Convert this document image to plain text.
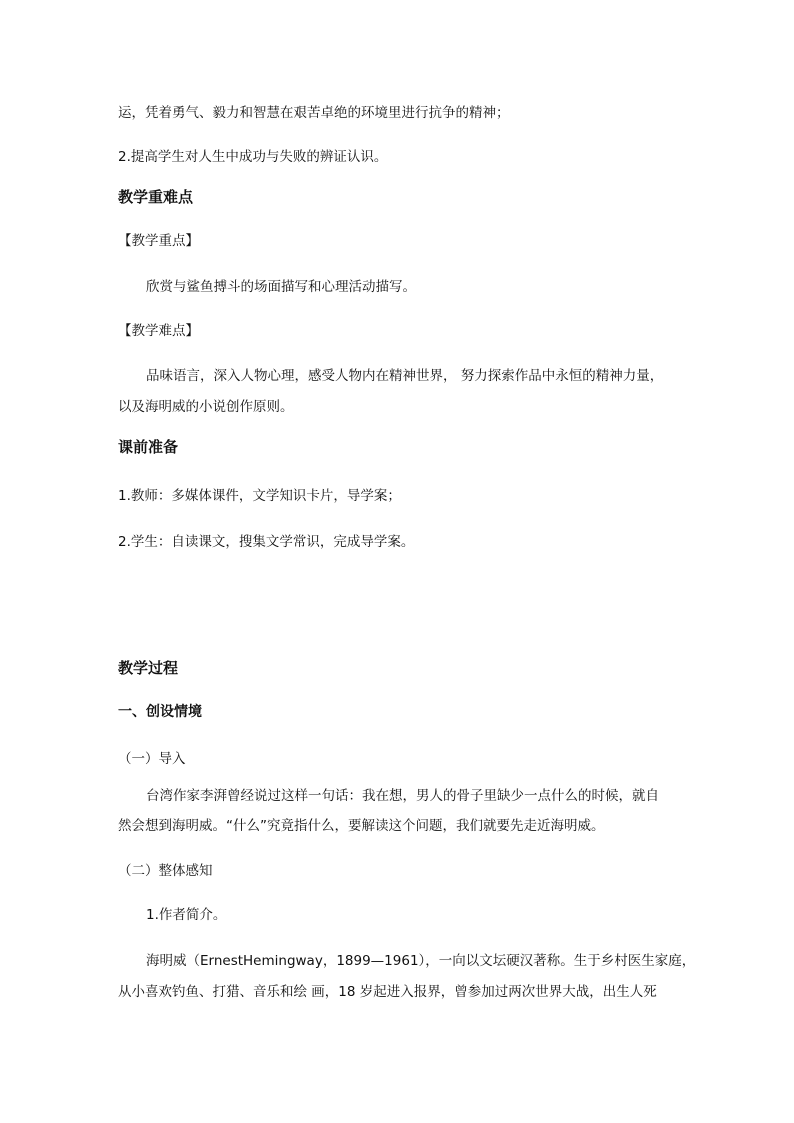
运，凭着勇气、毅力和智慧在艰苦卓绝的环境里进行抗争的精神；
2.提高学生对人生中成功与失败的辨证认识。
教学重难点
【教学重点】
欣赏与鲨鱼搏斗的场面描写和心理活动描写。
【教学难点】
品味语言，深入人物心理，感受人物内在精神世界， 努力探索作品中永恒的精神力量，
以及海明威的小说创作原则。
课前准备
1.教师：多媒体课件，文学知识卡片，导学案；
2.学生：自读课文，搜集文学常识，完成导学案。
教学过程
一、创设情境
（一）导入
台湾作家李湃曾经说过这样一句话：我在想，男人的骨子里缺少一点什么的时候，就自
然会想到海明威。“什么”究竟指什么，要解读这个问题，我们就要先走近海明威。
（二）整体感知
1.作者简介。
海明威（ErnestHemingway，1899—1961），一向以文坛硬汉著称。生于乡村医生家庭，
从小喜欢钓鱼、打猎、音乐和绘 画，18 岁起进入报界，曾参加过两次世界大战，出生人死
